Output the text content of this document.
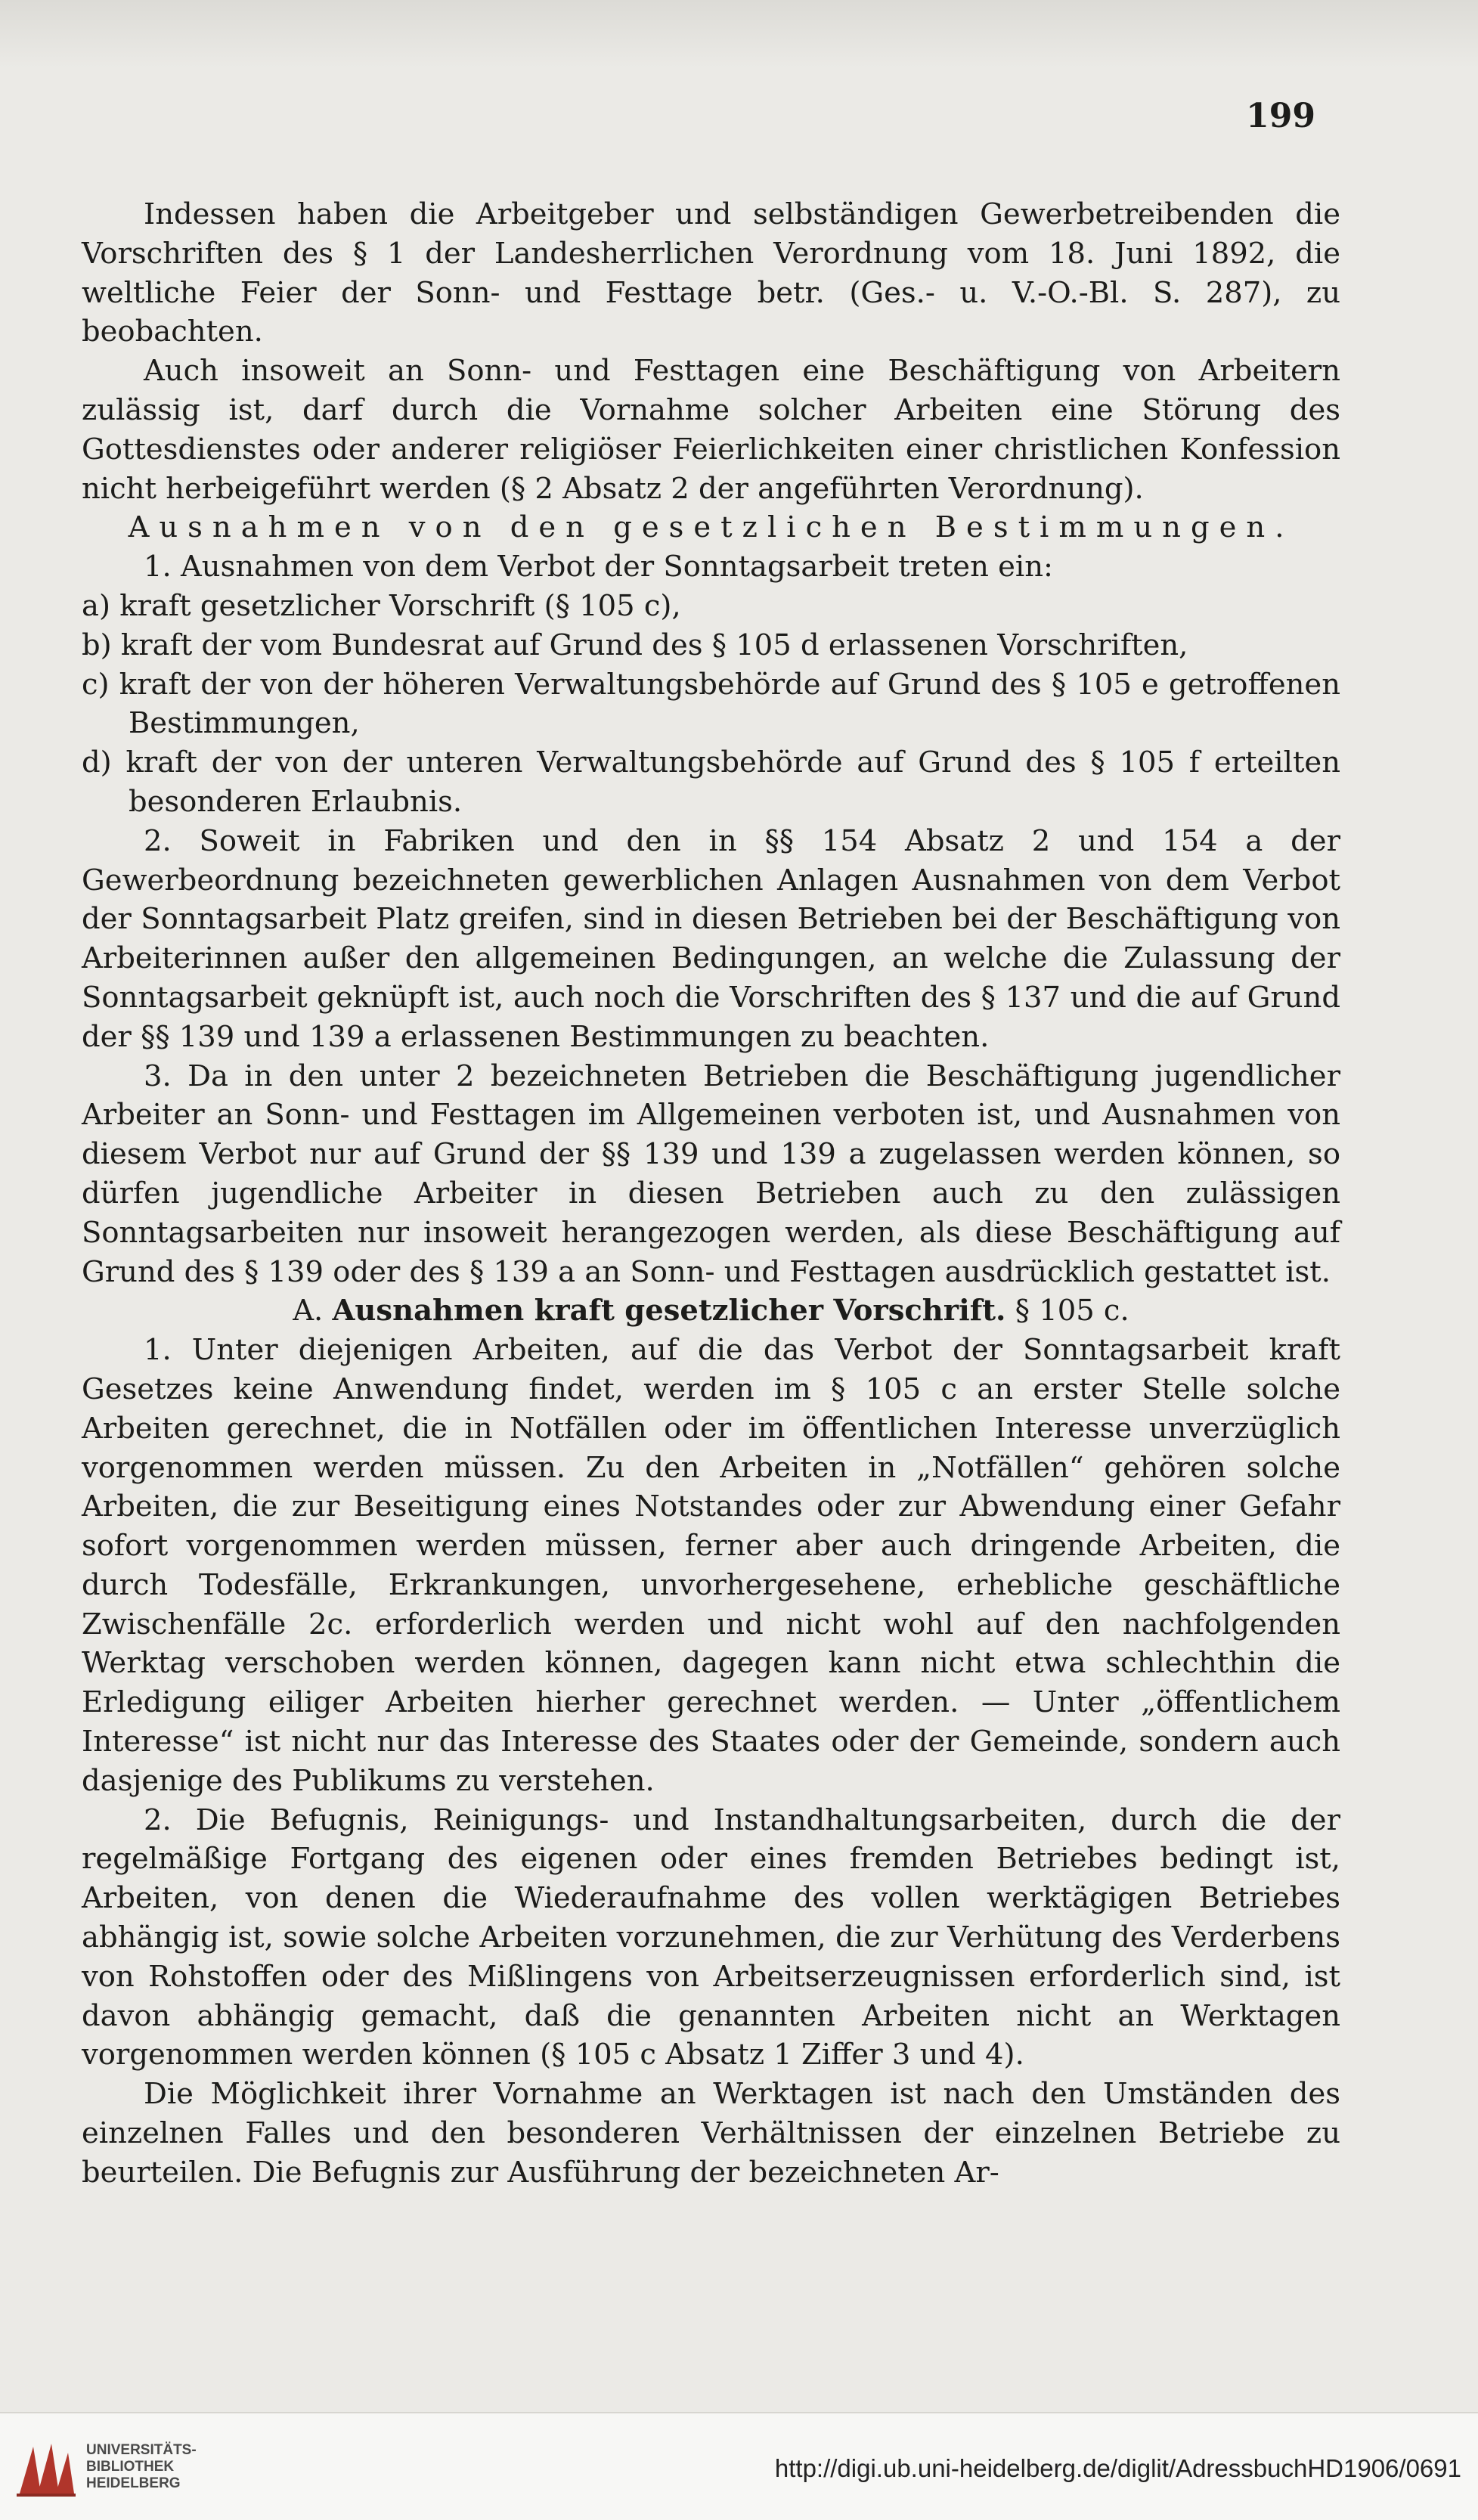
199

Indessen haben die Arbeitgeber und selbständigen Gewerbetreibenden die Vorschriften des § 1 der Landesherrlichen Verordnung vom 18. Juni 1892, die weltliche Feier der Sonn- und Festtage betr. (Ges.- u. V.-O.-Bl. S. 287), zu beobachten.

Auch insoweit an Sonn- und Festtagen eine Beschäftigung von Arbeitern zulässig ist, darf durch die Vornahme solcher Arbeiten eine Störung des Gottesdienstes oder anderer religiöser Feierlichkeiten einer christlichen Konfession nicht herbeigeführt werden (§ 2 Absatz 2 der angeführten Verordnung).

Ausnahmen von den gesetzlichen Bestimmungen.

1. Ausnahmen von dem Verbot der Sonntagsarbeit treten ein:

a) kraft gesetzlicher Vorschrift (§ 105 c),

b) kraft der vom Bundesrat auf Grund des § 105 d erlassenen Vorschriften,

c) kraft der von der höheren Verwaltungsbehörde auf Grund des § 105 e getroffenen Bestimmungen,

d) kraft der von der unteren Verwaltungsbehörde auf Grund des § 105 f erteilten besonderen Erlaubnis.

2. Soweit in Fabriken und den in §§ 154 Absatz 2 und 154 a der Gewerbeordnung bezeichneten gewerblichen Anlagen Ausnahmen von dem Verbot der Sonntagsarbeit Platz greifen, sind in diesen Betrieben bei der Beschäftigung von Arbeiterinnen außer den allgemeinen Bedingungen, an welche die Zulassung der Sonntagsarbeit geknüpft ist, auch noch die Vorschriften des § 137 und die auf Grund der §§ 139 und 139 a erlassenen Bestimmungen zu beachten.

3. Da in den unter 2 bezeichneten Betrieben die Beschäftigung jugendlicher Arbeiter an Sonn- und Festtagen im Allgemeinen verboten ist, und Ausnahmen von diesem Verbot nur auf Grund der §§ 139 und 139 a zugelassen werden können, so dürfen jugendliche Arbeiter in diesen Betrieben auch zu den zulässigen Sonntagsarbeiten nur insoweit herangezogen werden, als diese Beschäftigung auf Grund des § 139 oder des § 139 a an Sonn- und Festtagen ausdrücklich gestattet ist.

A. Ausnahmen kraft gesetzlicher Vorschrift. § 105 c.

1. Unter diejenigen Arbeiten, auf die das Verbot der Sonntagsarbeit kraft Gesetzes keine Anwendung findet, werden im § 105 c an erster Stelle solche Arbeiten gerechnet, die in Notfällen oder im öffentlichen Interesse unverzüglich vorgenommen werden müssen. Zu den Arbeiten in „Notfällen“ gehören solche Arbeiten, die zur Beseitigung eines Notstandes oder zur Abwendung einer Gefahr sofort vorgenommen werden müssen, ferner aber auch dringende Arbeiten, die durch Todesfälle, Erkrankungen, unvorhergesehene, erhebliche geschäftliche Zwischenfälle 2c. erforderlich werden und nicht wohl auf den nachfolgenden Werktag verschoben werden können, dagegen kann nicht etwa schlechthin die Erledigung eiliger Arbeiten hierher gerechnet werden. — Unter „öffentlichem Interesse“ ist nicht nur das Interesse des Staates oder der Gemeinde, sondern auch dasjenige des Publikums zu verstehen.

2. Die Befugnis, Reinigungs- und Instandhaltungsarbeiten, durch die der regelmäßige Fortgang des eigenen oder eines fremden Betriebes bedingt ist, Arbeiten, von denen die Wiederaufnahme des vollen werktägigen Betriebes abhängig ist, sowie solche Arbeiten vorzunehmen, die zur Verhütung des Verderbens von Rohstoffen oder des Mißlingens von Arbeitserzeugnissen erforderlich sind, ist davon abhängig gemacht, daß die genannten Arbeiten nicht an Werktagen vorgenommen werden können (§ 105 c Absatz 1 Ziffer 3 und 4).

Die Möglichkeit ihrer Vornahme an Werktagen ist nach den Umständen des einzelnen Falles und den besonderen Verhältnissen der einzelnen Betriebe zu beurteilen. Die Befugnis zur Ausführung der bezeichneten Ar-

UNIVERSITÄTS-
BIBLIOTHEK
HEIDELBERG
http://digi.ub.uni-heidelberg.de/diglit/AdressbuchHD1906/0691
